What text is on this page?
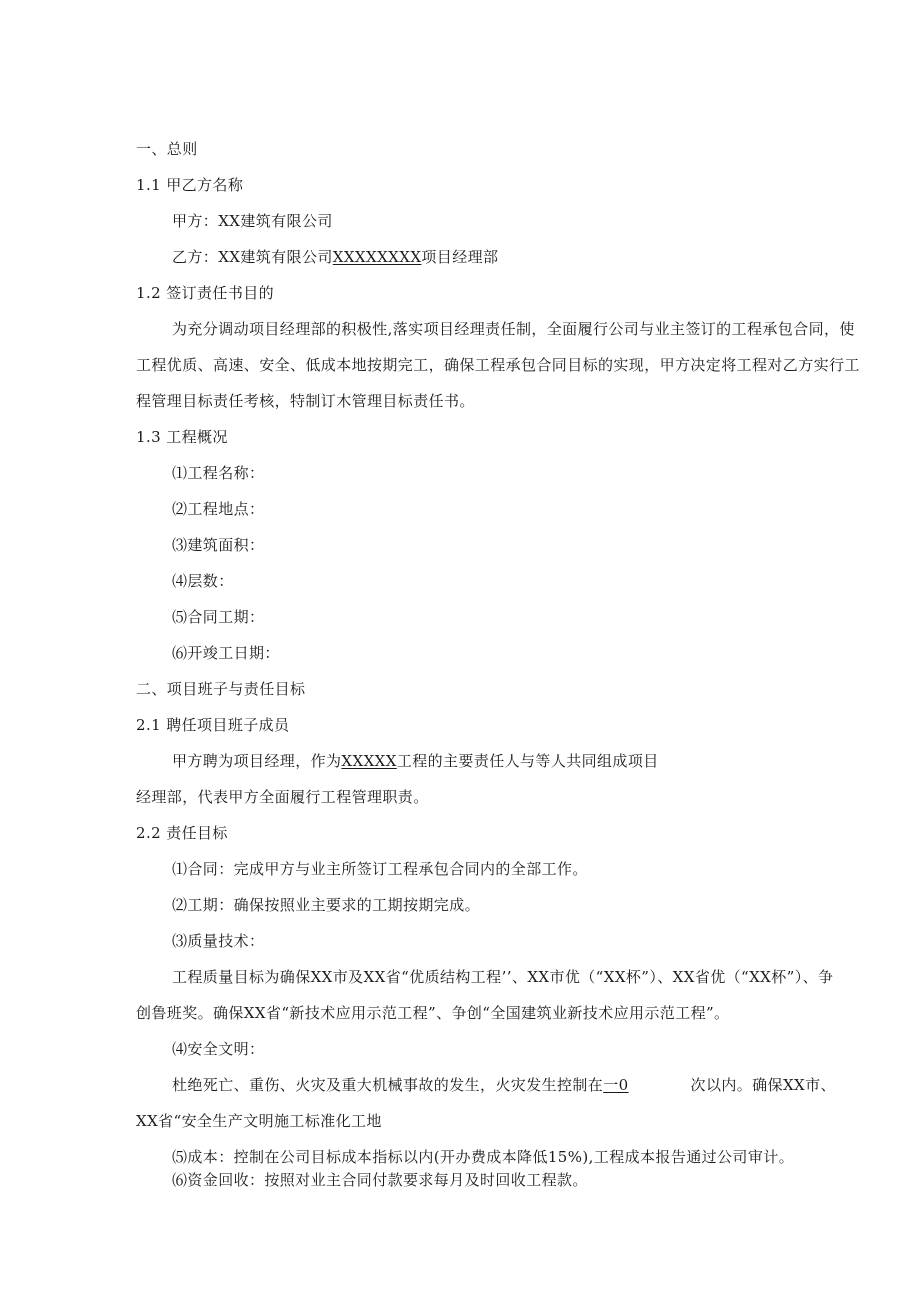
一、总则
1.1 甲乙方名称
甲方：XX建筑有限公司
乙方：XX建筑有限公司XXXXXXXX项目经理部
1.2 签订责任书目的
为充分调动项目经理部的积极性,落实项目经理责任制，全面履行公司与业主签订的工程承包合同，使
工程优质、高速、安全、低成本地按期完工，确保工程承包合同目标的实现，甲方决定将工程对乙方实行工
程管理目标责任考核，特制订木管理目标责任书。
1.3 工程概况
⑴工程名称：
⑵工程地点：
⑶建筑面积：
⑷层数：
⑸合同工期：
⑹开竣工日期：
二、项目班子与责任目标
2.1 聘任项目班子成员
甲方聘为项目经理，作为XXXXX工程的主要责任人与等人共同组成项目
经理部，代表甲方全面履行工程管理职责。
2.2 责任目标
⑴合同：完成甲方与业主所签订工程承包合同内的全部工作。
⑵工期：确保按照业主要求的工期按期完成。
⑶质量技术：
工程质量目标为确保XX市及XX省“优质结构工程’’、XX市优（“XX杯”）、XX省优（“XX杯”）、争
创鲁班奖。确保XX省“新技术应用示范工程”、争创“全国建筑业新技术应用示范工程”。
⑷安全文明：
杜绝死亡、重伤、火灾及重大机械事故的发生，火灾发生控制在一0	次以内。确保XX市、
XX省“安全生产文明施工标准化工地
⑸成本：控制在公司目标成本指标以内(开办费成本降低15%),工程成本报告通过公司审计。
⑹资金回收：按照对业主合同付款要求每月及时回收工程款。
